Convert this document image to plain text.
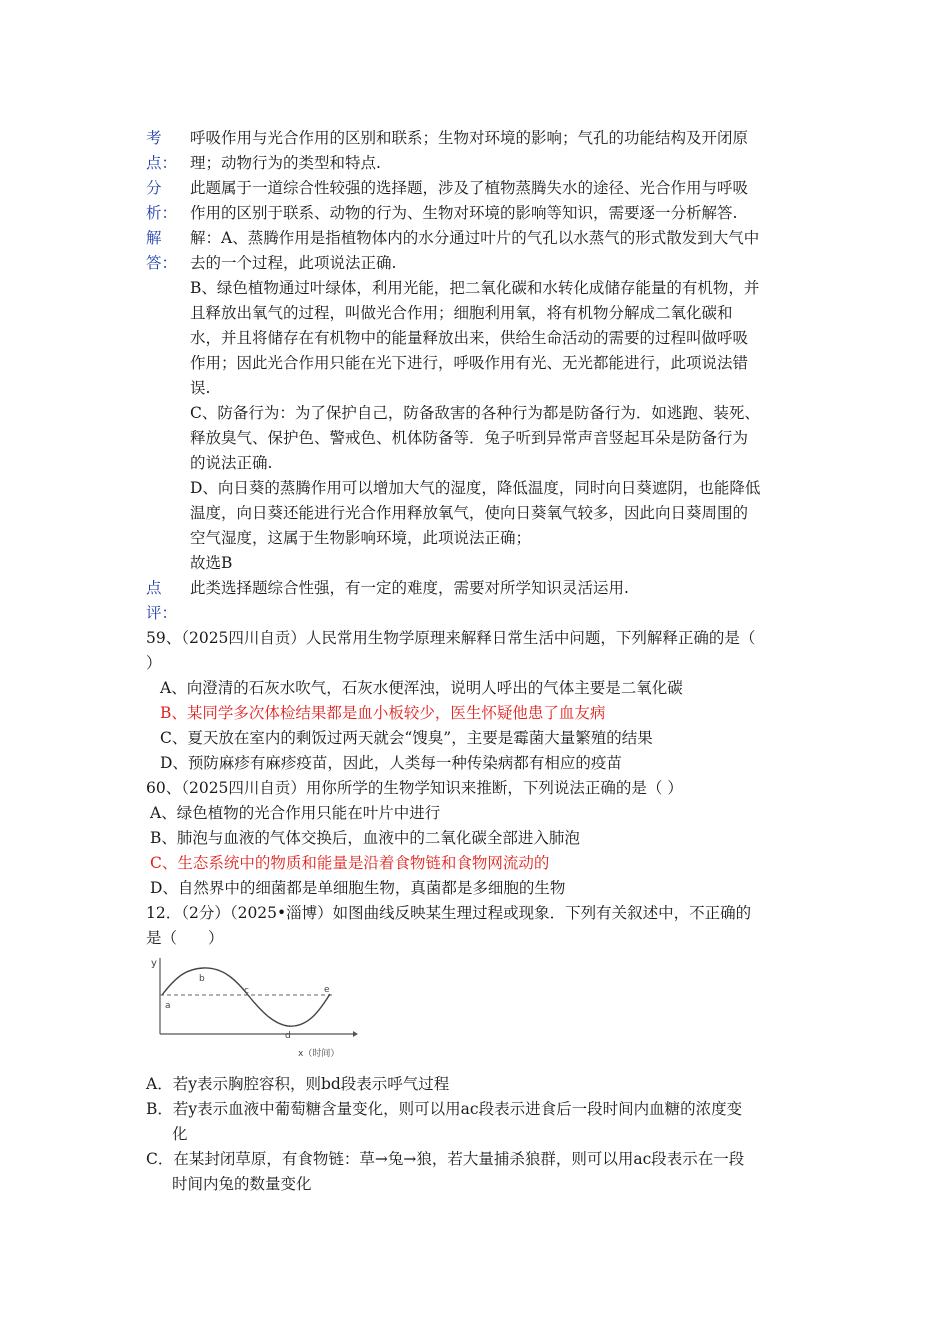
考
点：
呼吸作用与光合作用的区别和联系；生物对环境的影响；气孔的功能结构及开闭原
理；动物行为的类型和特点.
分
析：
此题属于一道综合性较强的选择题，涉及了植物蒸腾失水的途径、光合作用与呼吸
作用的区别于联系、动物的行为、生物对环境的影响等知识，需要逐一分析解答.
解
答：
解：A、蒸腾作用是指植物体内的水分通过叶片的气孔以水蒸气的形式散发到大气中
去的一个过程，此项说法正确.
B、绿色植物通过叶绿体，利用光能，把二氧化碳和水转化成储存能量的有机物，并
且释放出氧气的过程，叫做光合作用；细胞利用氧，将有机物分解成二氧化碳和
水，并且将储存在有机物中的能量释放出来，供给生命活动的需要的过程叫做呼吸
作用；因此光合作用只能在光下进行，呼吸作用有光、无光都能进行，此项说法错
误.
C、防备行为：为了保护自己，防备敌害的各种行为都是防备行为．如逃跑、装死、
释放臭气、保护色、警戒色、机体防备等．兔子听到异常声音竖起耳朵是防备行为
的说法正确.
D、向日葵的蒸腾作用可以增加大气的湿度，降低温度，同时向日葵遮阴，也能降低
温度，向日葵还能进行光合作用释放氧气，使向日葵氧气较多，因此向日葵周围的
空气湿度，这属于生物影响环境，此项说法正确；
故选B
点
评：
此类选择题综合性强，有一定的难度，需要对所学知识灵活运用.
59、（2025四川自贡）人民常用生物学原理来解释日常生活中问题，下列解释正确的是（
）
A、向澄清的石灰水吹气，石灰水便浑浊，说明人呼出的气体主要是二氧化碳
B、某同学多次体检结果都是血小板较少，医生怀疑他患了血友病
C、夏天放在室内的剩饭过两天就会“馊臭”，主要是霉菌大量繁殖的结果
D、预防麻疹有麻疹疫苗，因此，人类每一种传染病都有相应的疫苗
60、（2025四川自贡）用你所学的生物学知识来推断，下列说法正确的是（ ）
A、绿色植物的光合作用只能在叶片中进行
B、肺泡与血液的气体交换后，血液中的二氧化碳全部进入肺泡
C、生态系统中的物质和能量是沿着食物链和食物网流动的
D、自然界中的细菌都是单细胞生物，真菌都是多细胞的生物
12．（2分）（2025•淄博）如图曲线反映某生理过程或现象．下列有关叙述中，不正确的
是（　　）
y
a
b
c
d
e
x（时间）
A．若y表示胸腔容积，则bd段表示呼气过程
B．若y表示血液中葡萄糖含量变化，则可以用ac段表示进食后一段时间内血糖的浓度变
化
C．在某封闭草原，有食物链：草→兔→狼，若大量捕杀狼群，则可以用ac段表示在一段
时间内兔的数量变化
